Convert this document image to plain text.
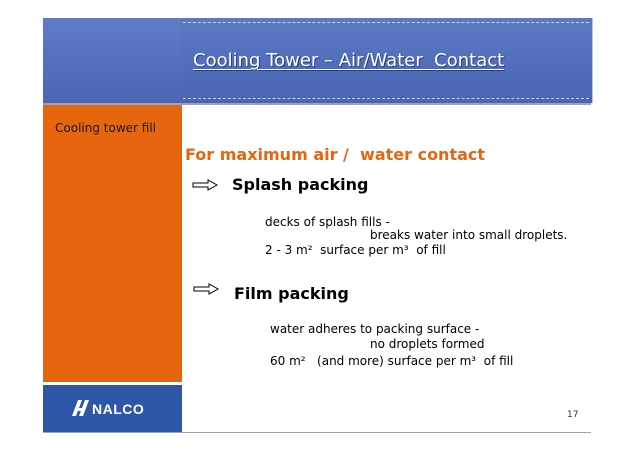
Cooling tower fill
NALCO
Cooling Tower – Air/Water  Contact
For maximum air /  water contact
Splash packing
decks of splash fills -
breaks water into small droplets.
2 - 3 m²  surface per m³  of fill
Film packing
water adheres to packing surface -
no droplets formed
60 m²   (and more) surface per m³  of fill
17
